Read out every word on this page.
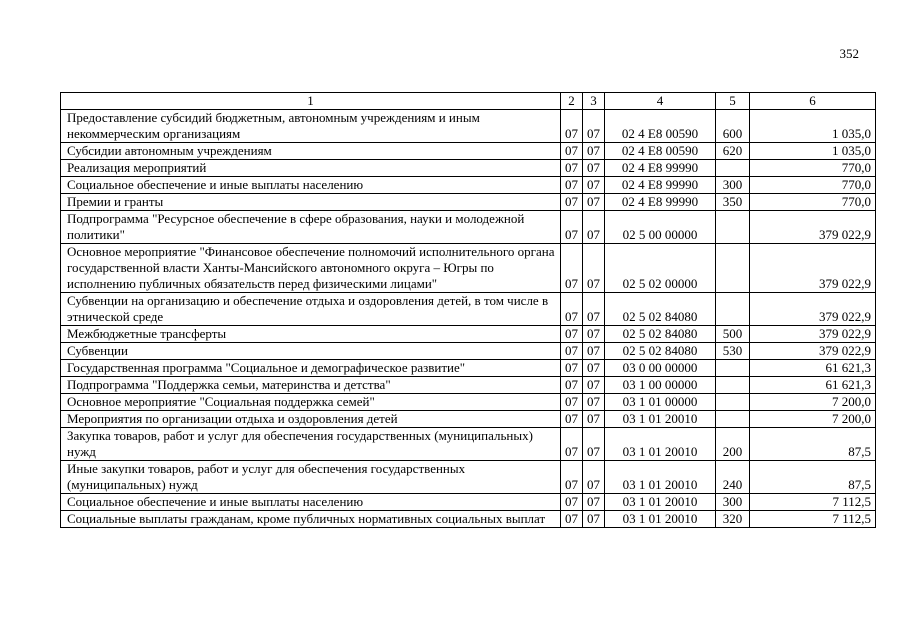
352
1	2	3	4	5	6
Предоставление субсидий бюджетным, автономным учреждениям и иным некоммерческим организациям	07	07	02 4 E8 00590	600	1 035,0
Субсидии автономным учреждениям	07	07	02 4 E8 00590	620	1 035,0
Реализация мероприятий	07	07	02 4 E8 99990		770,0
Социальное обеспечение и иные выплаты населению	07	07	02 4 E8 99990	300	770,0
Премии и гранты	07	07	02 4 E8 99990	350	770,0
Подпрограмма "Ресурсное обеспечение в сфере образования, науки и молодежной политики"	07	07	02 5 00 00000		379 022,9
Основное мероприятие "Финансовое обеспечение полномочий исполнительного органа государственной власти Ханты-Мансийского автономного округа – Югры по исполнению публичных обязательств перед физическими лицами"	07	07	02 5 02 00000		379 022,9
Субвенции на организацию и обеспечение отдыха и оздоровления детей, в том числе в этнической среде	07	07	02 5 02 84080		379 022,9
Межбюджетные трансферты	07	07	02 5 02 84080	500	379 022,9
Субвенции	07	07	02 5 02 84080	530	379 022,9
Государственная программа "Социальное и демографическое развитие"	07	07	03 0 00 00000		61 621,3
Подпрограмма "Поддержка семьи, материнства и детства"	07	07	03 1 00 00000		61 621,3
Основное мероприятие "Социальная поддержка семей"	07	07	03 1 01 00000		7 200,0
Мероприятия по организации отдыха и оздоровления детей	07	07	03 1 01 20010		7 200,0
Закупка товаров, работ и услуг для обеспечения государственных (муниципальных) нужд	07	07	03 1 01 20010	200	87,5
Иные закупки товаров, работ и услуг для обеспечения государственных (муниципальных) нужд	07	07	03 1 01 20010	240	87,5
Социальное обеспечение и иные выплаты населению	07	07	03 1 01 20010	300	7 112,5
Социальные выплаты гражданам, кроме публичных нормативных социальных выплат	07	07	03 1 01 20010	320	7 112,5
